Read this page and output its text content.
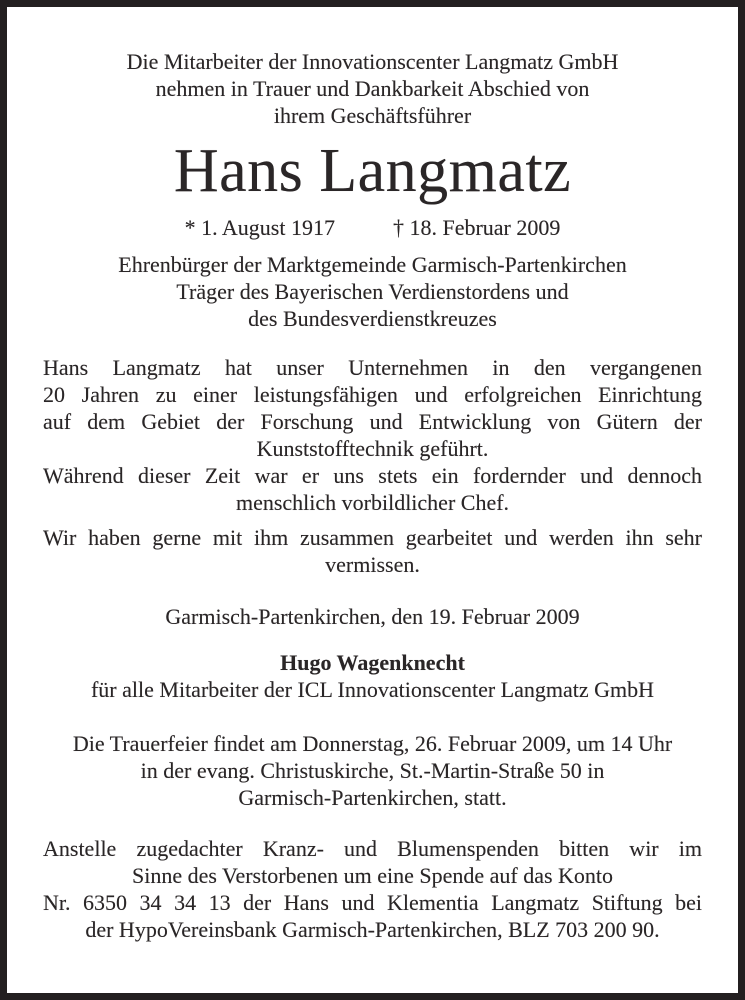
Die Mitarbeiter der Innovationscenter Langmatz GmbH
nehmen in Trauer und Dankbarkeit Abschied von
ihrem Geschäftsführer
Hans Langmatz
* 1. August 1917	† 18. Februar 2009
Ehrenbürger der Marktgemeinde Garmisch-Partenkirchen
Träger des Bayerischen Verdienstordens und
des Bundesverdienstkreuzes
Hans Langmatz hat unser Unternehmen in den vergangenen
20 Jahren zu einer leistungsfähigen und erfolgreichen Einrichtung
auf dem Gebiet der Forschung und Entwicklung von Gütern der
Kunststofftechnik geführt.
Während dieser Zeit war er uns stets ein fordernder und dennoch
menschlich vorbildlicher Chef.
Wir haben gerne mit ihm zusammen gearbeitet und werden ihn sehr
vermissen.
Garmisch-Partenkirchen, den 19. Februar 2009
Hugo Wagenknecht
für alle Mitarbeiter der ICL Innovationscenter Langmatz GmbH
Die Trauerfeier findet am Donnerstag, 26. Februar 2009, um 14 Uhr
in der evang. Christuskirche, St.-Martin-Straße 50 in
Garmisch-Partenkirchen, statt.
Anstelle zugedachter Kranz- und Blumenspenden bitten wir im
Sinne des Verstorbenen um eine Spende auf das Konto
Nr. 6350 34 34 13 der Hans und Klementia Langmatz Stiftung bei
der HypoVereinsbank Garmisch-Partenkirchen, BLZ 703 200 90.
